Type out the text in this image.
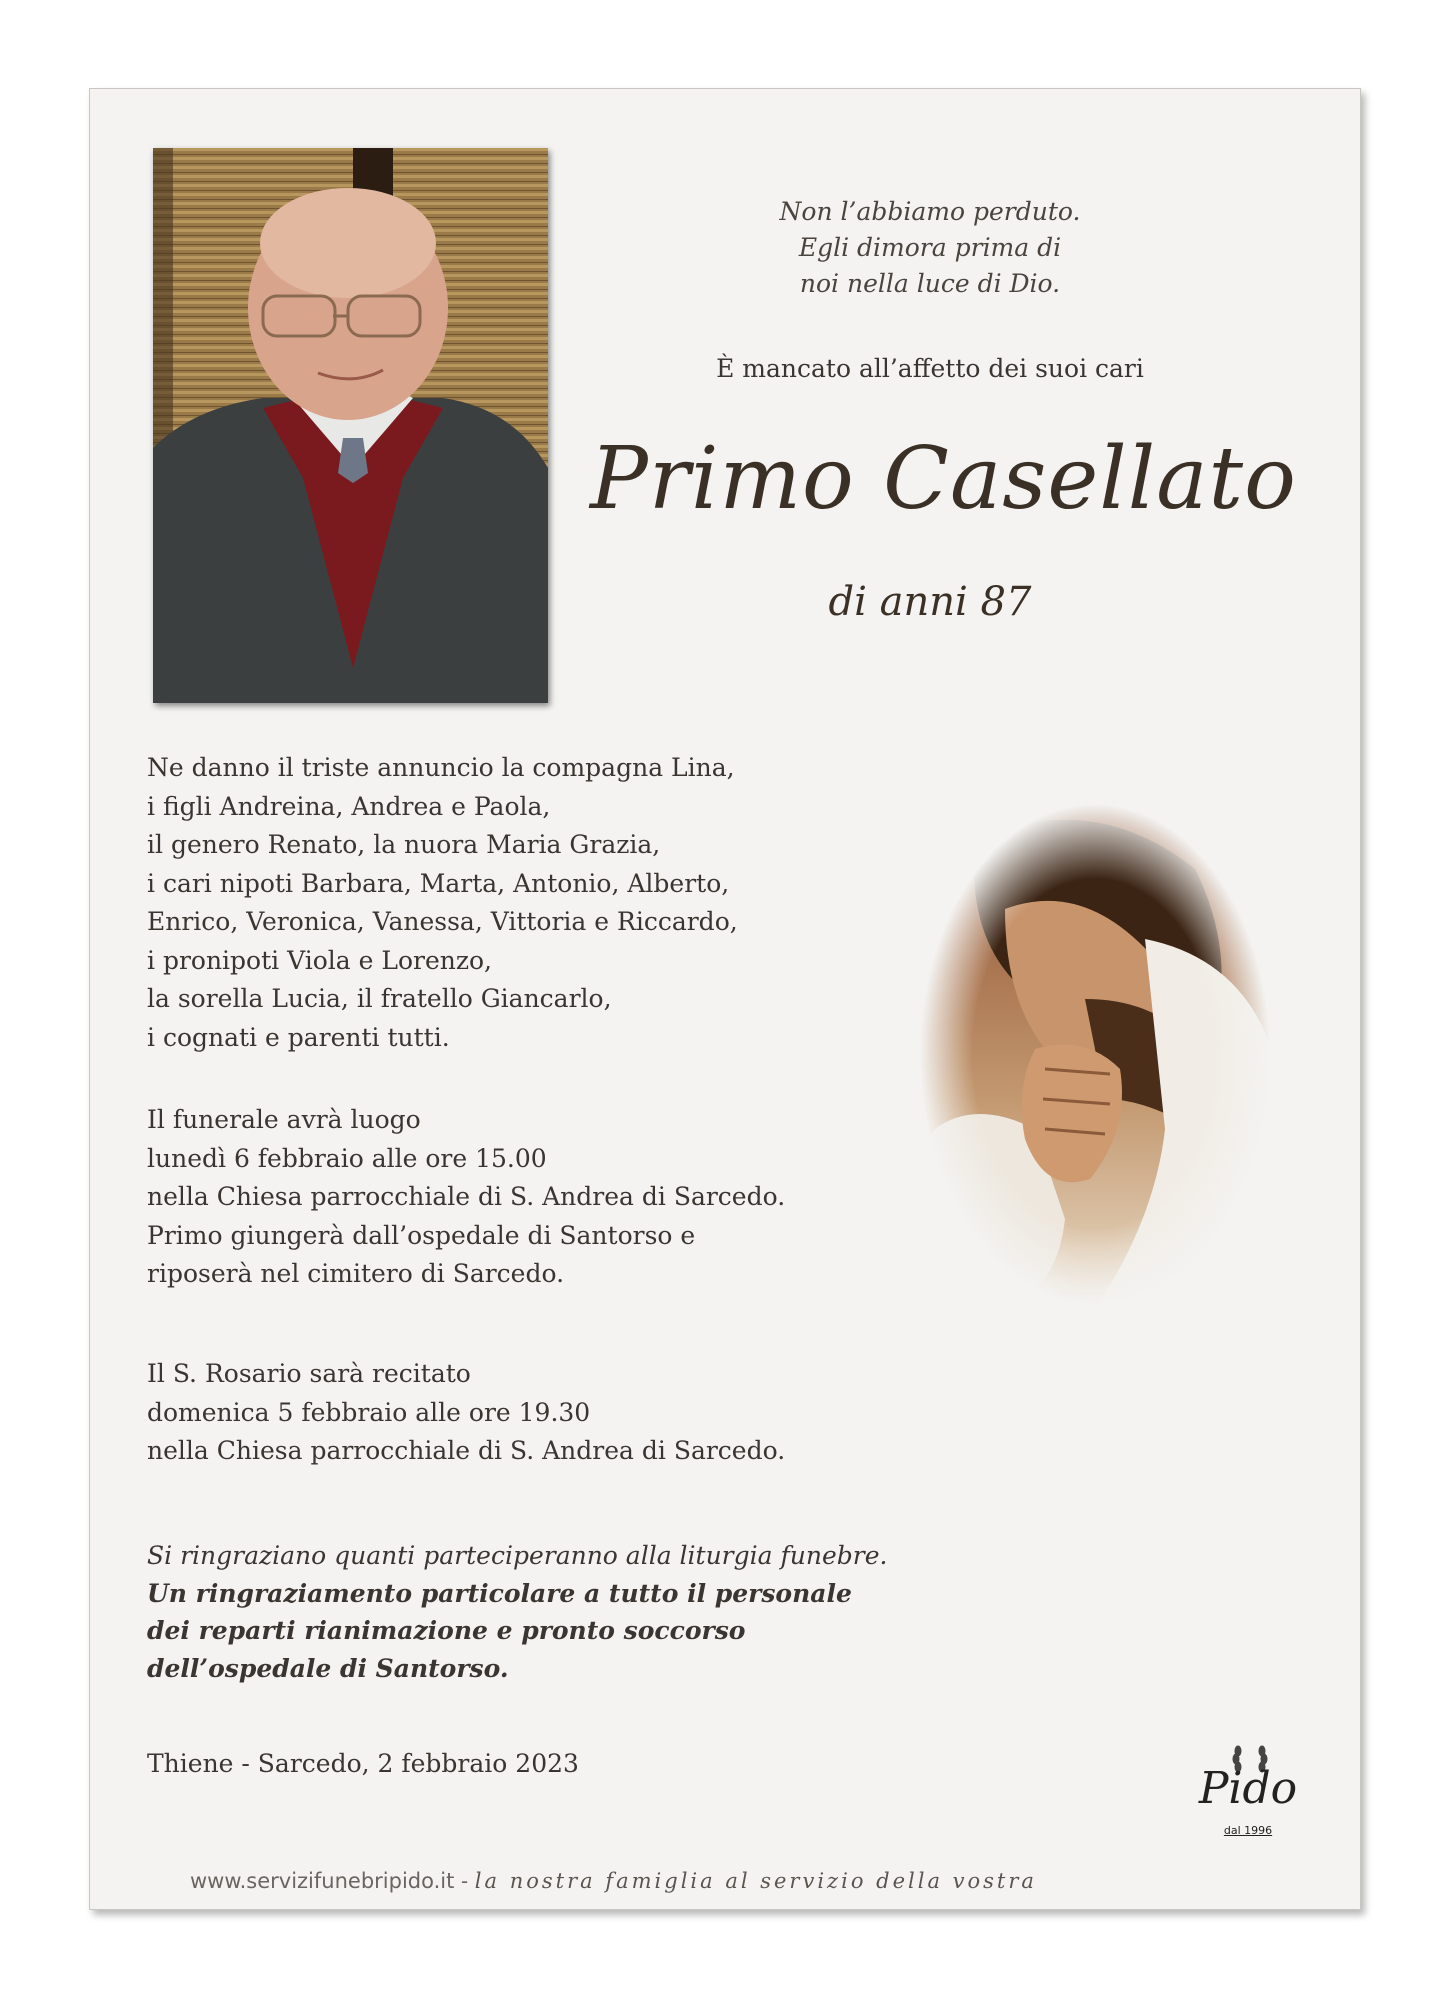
Non l’abbiamo perduto.
Egli dimora prima di
noi nella luce di Dio.
È mancato all’affetto dei suoi cari
Primo Casellato
di anni 87
Ne danno il triste annuncio la compagna Lina,
i figli Andreina, Andrea e Paola,
il genero Renato, la nuora Maria Grazia,
i cari nipoti Barbara, Marta, Antonio, Alberto,
Enrico, Veronica, Vanessa, Vittoria e Riccardo,
i pronipoti Viola e Lorenzo,
la sorella Lucia, il fratello Giancarlo,
i cognati e parenti tutti.
Il funerale avrà luogo
lunedì 6 febbraio alle ore 15.00
nella Chiesa parrocchiale di S. Andrea di Sarcedo.
Primo giungerà dall’ospedale di Santorso e
riposerà nel cimitero di Sarcedo.
Il S. Rosario sarà recitato
domenica 5 febbraio alle ore 19.30
nella Chiesa parrocchiale di S. Andrea di Sarcedo.
Si ringraziano quanti parteciperanno alla liturgia funebre.
Un ringraziamento particolare a tutto il personale
dei reparti rianimazione e pronto soccorso
dell’ospedale di Santorso.
Thiene - Sarcedo, 2 febbraio 2023	Pido
dal 1996
www.servizifunebripido.it - la nostra famiglia al servizio della vostra
